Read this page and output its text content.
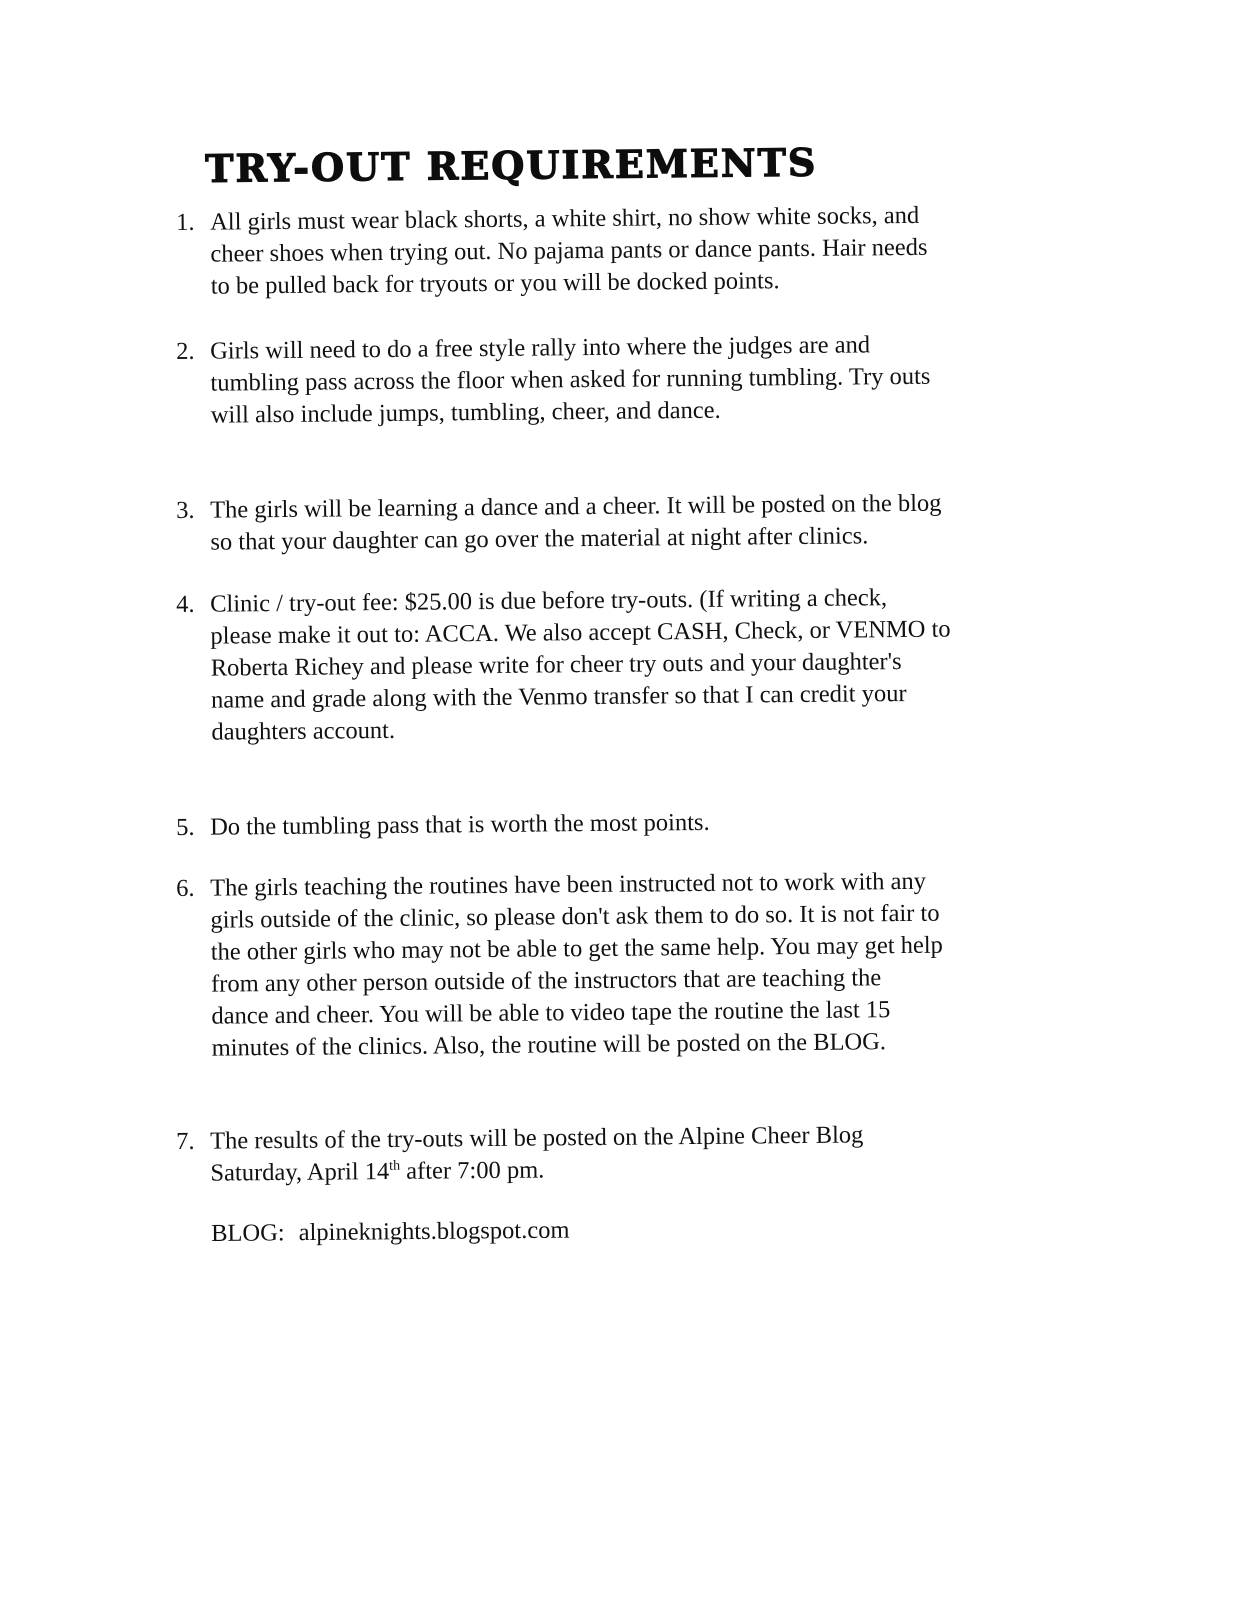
TRY-OUT REQUIREMENTS
1. All girls must wear black shorts, a white shirt, no show white socks, and
cheer shoes when trying out. No pajama pants or dance pants. Hair needs
to be pulled back for tryouts or you will be docked points.
2. Girls will need to do a free style rally into where the judges are and
tumbling pass across the floor when asked for running tumbling. Try outs
will also include jumps, tumbling, cheer, and dance.
3. The girls will be learning a dance and a cheer. It will be posted on the blog
so that your daughter can go over the material at night after clinics.
4. Clinic / try-out fee: $25.00 is due before try-outs. (If writing a check,
please make it out to: ACCA. We also accept CASH, Check, or VENMO to
Roberta Richey and please write for cheer try outs and your daughter's
name and grade along with the Venmo transfer so that I can credit your
daughters account.
5. Do the tumbling pass that is worth the most points.
6. The girls teaching the routines have been instructed not to work with any
girls outside of the clinic, so please don't ask them to do so. It is not fair to
the other girls who may not be able to get the same help. You may get help
from any other person outside of the instructors that are teaching the
dance and cheer. You will be able to video tape the routine the last 15
minutes of the clinics. Also, the routine will be posted on the BLOG.
7. The results of the try-outs will be posted on the Alpine Cheer Blog
Saturday, April 14th after 7:00 pm.
BLOG: alpineknights.blogspot.com
